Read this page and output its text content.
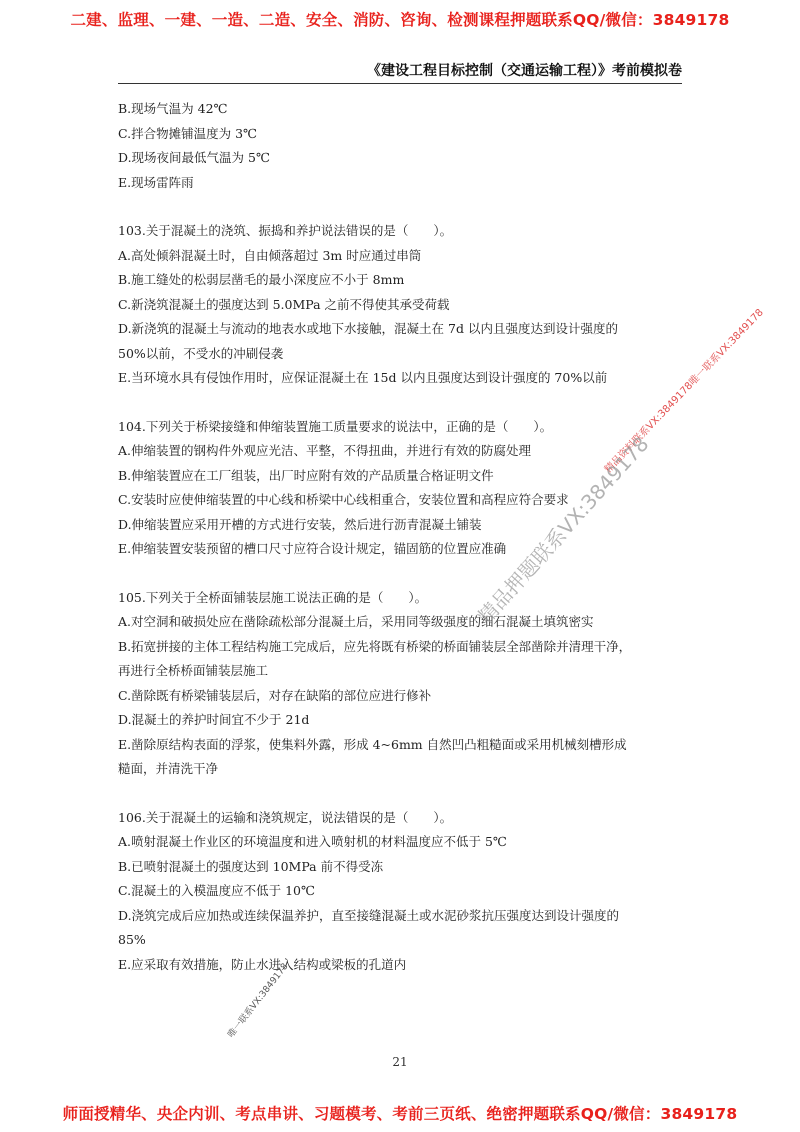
二建、监理、一建、一造、二造、安全、消防、咨询、检测课程押题联系QQ/微信：3849178
《建设工程目标控制（交通运输工程）》考前模拟卷
B.现场气温为 42℃
C.拌合物摊铺温度为 3℃
D.现场夜间最低气温为 5℃
E.现场雷阵雨
103.关于混凝土的浇筑、振捣和养护说法错误的是（　　）。
A.高处倾斜混凝土时，自由倾落超过 3m 时应通过串筒
B.施工缝处的松弱层凿毛的最小深度应不小于 8mm
C.新浇筑混凝土的强度达到 5.0MPa 之前不得使其承受荷载
D.新浇筑的混凝土与流动的地表水或地下水接触，混凝土在 7d 以内且强度达到设计强度的
50%以前，不受水的冲刷侵袭
E.当环境水具有侵蚀作用时，应保证混凝土在 15d 以内且强度达到设计强度的 70%以前
104.下列关于桥梁接缝和伸缩装置施工质量要求的说法中，正确的是（　　）。
A.伸缩装置的钢构件外观应光洁、平整，不得扭曲，并进行有效的防腐处理
B.伸缩装置应在工厂组装，出厂时应附有效的产品质量合格证明文件
C.安装时应使伸缩装置的中心线和桥梁中心线相重合，安装位置和高程应符合要求
D.伸缩装置应采用开槽的方式进行安装，然后进行沥青混凝土铺装
E.伸缩装置安装预留的槽口尺寸应符合设计规定，锚固筋的位置应准确
105.下列关于全桥面铺装层施工说法正确的是（　　）。
A.对空洞和破损处应在凿除疏松部分混凝土后，采用同等级强度的细石混凝土填筑密实
B.拓宽拼接的主体工程结构施工完成后，应先将既有桥梁的桥面铺装层全部凿除并清理干净，
再进行全桥桥面铺装层施工
C.凿除既有桥梁铺装层后，对存在缺陷的部位应进行修补
D.混凝土的养护时间宜不少于 21d
E.凿除原结构表面的浮浆，使集料外露，形成 4~6mm 自然凹凸粗糙面或采用机械刻槽形成
糙面，并清洗干净
106.关于混凝土的运输和浇筑规定，说法错误的是（　　）。
A.喷射混凝土作业区的环境温度和进入喷射机的材料温度应不低于 5℃
B.已喷射混凝土的强度达到 10MPa 前不得受冻
C.混凝土的入模温度应不低于 10℃
D.浇筑完成后应加热或连续保温养护，直至接缝混凝土或水泥砂浆抗压强度达到设计强度的
85%
E.应采取有效措施，防止水进入结构或梁板的孔道内
精品资料联系VX:3849178唯一联系VX:3849178
精品押题联系VX:3849178
唯一联系VX:3849178
21
师面授精华、央企内训、考点串讲、习题模考、考前三页纸、绝密押题联系QQ/微信：3849178
